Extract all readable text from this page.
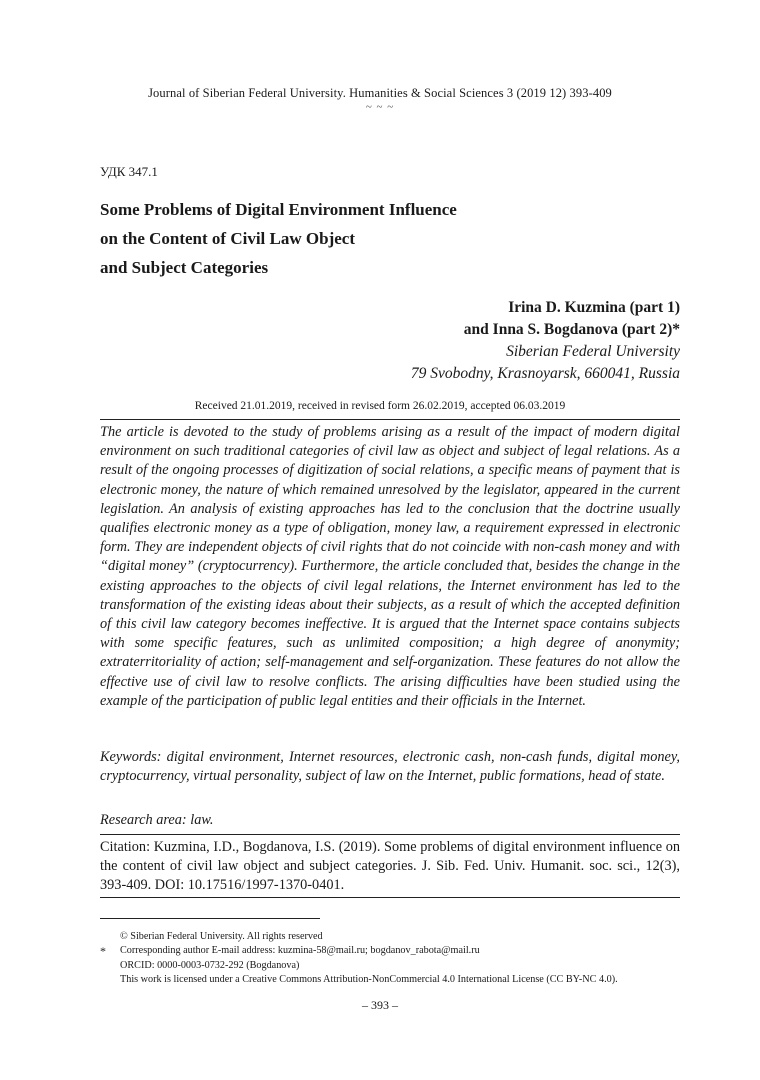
Journal of Siberian Federal University. Humanities & Social Sciences 3 (2019 12) 393-409
~ ~ ~
УДК 347.1
Some Problems of Digital Environment Influence
on the Content of Civil Law Object
and Subject Categories
Irina D. Kuzmina (part 1)
and Inna S. Bogdanova (part 2)*
Siberian Federal University
79 Svobodny, Krasnoyarsk, 660041, Russia
Received 21.01.2019, received in revised form 26.02.2019, accepted 06.03.2019

The article is devoted to the study of problems arising as a result of the impact of modern digital environment on such traditional categories of civil law as object and subject of legal relations. As a result of the ongoing processes of digitization of social relations, a specific means of payment that is electronic money, the nature of which remained unresolved by the legislator, appeared in the current legislation. An analysis of existing approaches has led to the conclusion that the doctrine usually qualifies electronic money as a type of obligation, money law, a requirement expressed in electronic form. They are independent objects of civil rights that do not coincide with non-cash money and with “digital money” (cryptocurrency). Furthermore, the article concluded that, besides the change in the existing approaches to the objects of civil legal relations, the Internet environment has led to the transformation of the existing ideas about their subjects, as a result of which the accepted definition of this civil law category becomes ineffective. It is argued that the Internet space contains subjects with some specific features, such as unlimited composition; a high degree of anonymity; extraterritoriality of action; self-management and self-organization. These features do not allow the effective use of civil law to resolve conflicts. The arising difficulties have been studied using the example of the participation of public legal entities and their officials in the Internet.

Keywords: digital environment, Internet resources, electronic cash, non-cash funds, digital money, cryptocurrency, virtual personality, subject of law on the Internet, public formations, head of state.
Research area: law.
Citation: Kuzmina, I.D., Bogdanova, I.S. (2019). Some problems of digital environment influence on the content of civil law object and subject categories. J. Sib. Fed. Univ. Humanit. soc. sci., 12(3), 393-409. DOI: 10.17516/1997-1370-0401.
*
© Siberian Federal University. All rights reserved
Corresponding author E-mail address: kuzmina-58@mail.ru; bogdanov_rabota@mail.ru
ORCID: 0000-0003-0732-292 (Bogdanova)
This work is licensed under a Creative Commons Attribution-NonCommercial 4.0 International License (CC BY-NC 4.0).
– 393 –
